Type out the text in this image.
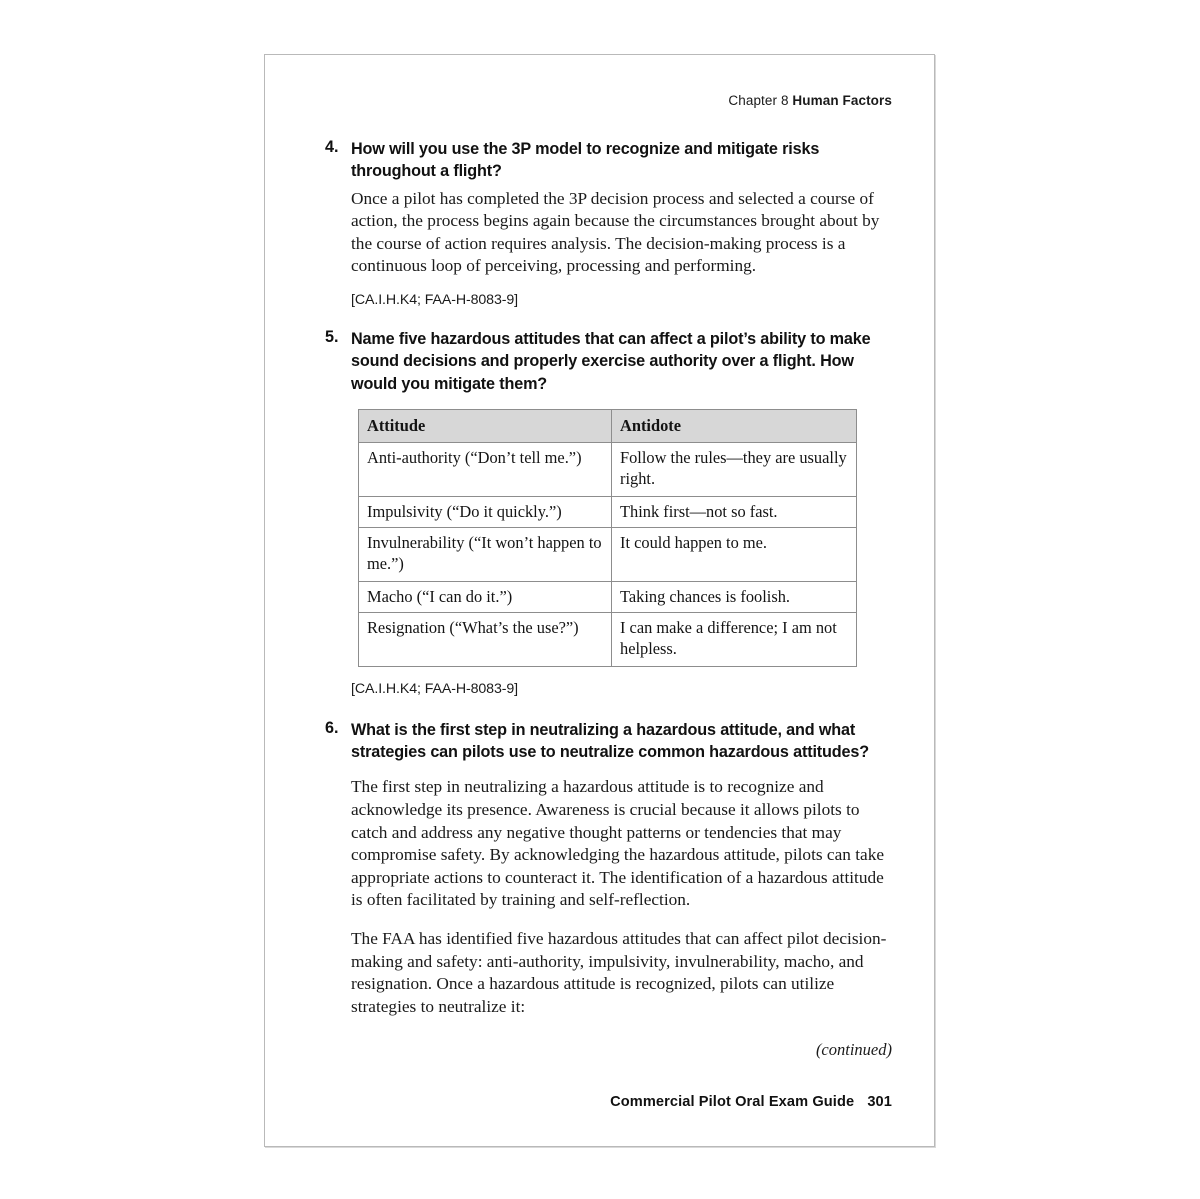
Chapter 8 Human Factors
4. How will you use the 3P model to recognize and mitigate risks throughout a flight?

Once a pilot has completed the 3P decision process and selected a course of action, the process begins again because the circumstances brought about by the course of action requires analysis. The decision-making process is a continuous loop of perceiving, processing and performing.

[CA.I.H.K4; FAA-H-8083-9]

5. Name five hazardous attitudes that can affect a pilot’s ability to make sound decisions and properly exercise authority over a flight. How would you mitigate them?

Attitude	Antidote
Anti-authority (“Don’t tell me.”)	Follow the rules—they are usually right.
Impulsivity (“Do it quickly.”)	Think first—not so fast.
Invulnerability (“It won’t happen to me.”)	It could happen to me.
Macho (“I can do it.”)	Taking chances is foolish.
Resignation (“What’s the use?”)	I can make a difference; I am not helpless.

[CA.I.H.K4; FAA-H-8083-9]

6. What is the first step in neutralizing a hazardous attitude, and what strategies can pilots use to neutralize common hazardous attitudes?

The first step in neutralizing a hazardous attitude is to recognize and acknowledge its presence. Awareness is crucial because it allows pilots to catch and address any negative thought patterns or tendencies that may compromise safety. By acknowledging the hazardous attitude, pilots can take appropriate actions to counteract it. The identification of a hazardous attitude is often facilitated by training and self-reflection.

The FAA has identified five hazardous attitudes that can affect pilot decision-making and safety: anti-authority, impulsivity, invulnerability, macho, and resignation. Once a hazardous attitude is recognized, pilots can utilize strategies to neutralize it:

(continued)

Commercial Pilot Oral Exam Guide 301
